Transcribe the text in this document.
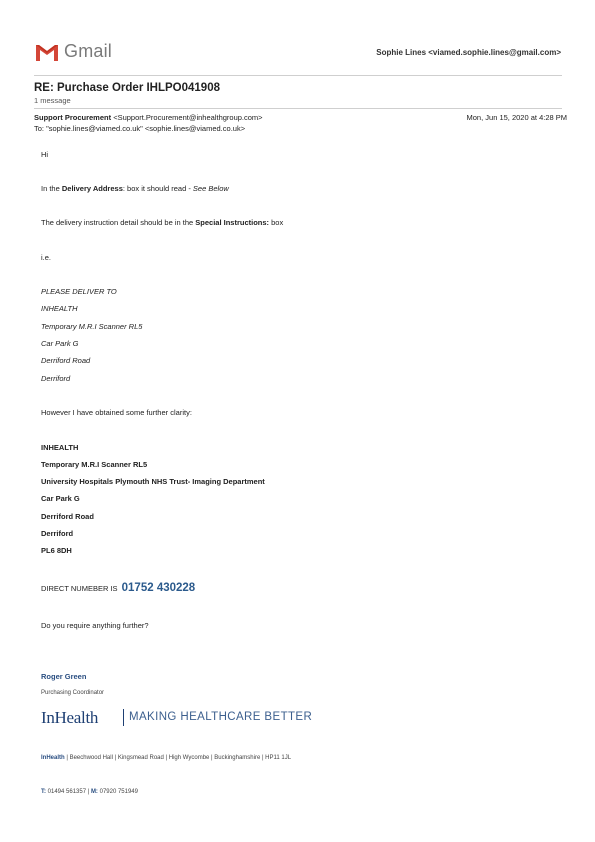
Gmail	Sophie Lines <viamed.sophie.lines@gmail.com>
RE: Purchase Order IHLPO041908
1 message
Support Procurement <Support.Procurement@inhealthgroup.com>	Mon, Jun 15, 2020 at 4:28 PM
To: "sophie.lines@viamed.co.uk" <sophie.lines@viamed.co.uk>
Hi
In the Delivery Address: box it should read - See Below
The delivery instruction detail should be in the Special Instructions: box
i.e.
PLEASE DELIVER TO
INHEALTH
Temporary M.R.I Scanner RL5
Car Park G
Derriford Road
Derriford
However I have obtained some further clarity:
INHEALTH
Temporary M.R.I Scanner RL5
University Hospitals Plymouth NHS Trust- Imaging Department
Car Park G
Derriford Road
Derriford
PL6 8DH
DIRECT NUMEBER IS 01752 430228
Do you require anything further?
Roger Green
Purchasing Coordinator
InHealth	MAKING HEALTHCARE BETTER
InHealth | Beechwood Hall | Kingsmead Road | High Wycombe | Buckinghamshire | HP11 1JL
T: 01494 561357 | M: 07920 751949
